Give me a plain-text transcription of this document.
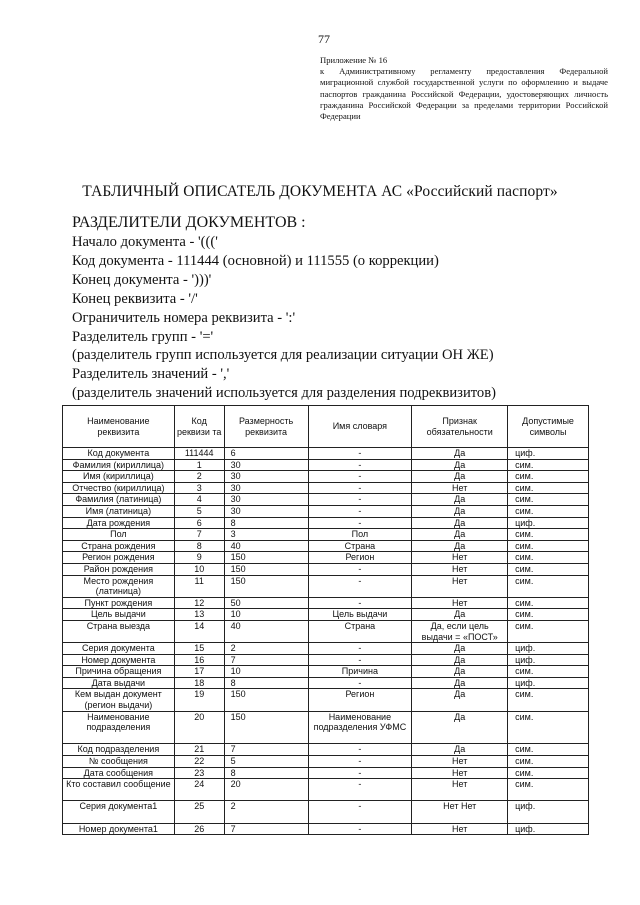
77
Приложение № 16
к Административному регламенту предоставления Федеральной миграционной службой государственной услуги по оформлению и выдаче паспортов гражданина Российской Федерации, удостоверяющих личность гражданина Российской Федерации за пределами территории Российской Федерации
ТАБЛИЧНЫЙ ОПИСАТЕЛЬ ДОКУМЕНТА АС «Российский паспорт»
РАЗДЕЛИТЕЛИ ДОКУМЕНТОВ :
Начало документа - '((('
Код документа - 111444 (основной) и 111555 (о коррекции)
Конец документа - ')))'
Конец реквизита - '/'
Ограничитель номера реквизита - ':'
Разделитель групп - '='
(разделитель групп используется для реализации ситуации ОН ЖЕ)
Разделитель значений - ','
(разделитель значений используется для разделения подреквизитов)
Наименование реквизита	Код реквизи та	Размерность реквизита	Имя словаря	Признак обязательности	Допустимые символы
Код документа	111444	6	-	Да	циф.
Фамилия (кириллица)	1	30	-	Да	сим.
Имя (кириллица)	2	30	-	Да	сим.
Отчество (кириллица)	3	30	-	Нет	сим.
Фамилия (латиница)	4	30	-	Да	сим.
Имя (латиница)	5	30	-	Да	сим.
Дата рождения	6	8	-	Да	циф.
Пол	7	3	Пол	Да	сим.
Страна рождения	8	40	Страна	Да	сим.
Регион рождения	9	150	Регион	Нет	сим.
Район рождения	10	150	-	Нет	сим.
Место рождения (латиница)	11	150	-	Нет	сим.
Пункт рождения	12	50	-	Нет	сим.
Цель выдачи	13	10	Цель выдачи	Да	сим.
Страна выезда	14	40	Страна	Да, если цель выдачи = «ПОСТ»	сим.
Серия документа	15	2	-	Да	циф.
Номер документа	16	7	-	Да	циф.
Причина обращения	17	10	Причина	Да	сим.
Дата выдачи	18	8	-	Да	циф.
Кем выдан документ (регион выдачи)	19	150	Регион	Да	сим.
Наименование подразделения	20	150	Наименование подразделения УФМС	Да	сим.
Код подразделения	21	7	-	Да	сим.
№ сообщения	22	5	-	Нет	сим.
Дата сообщения	23	8	-	Нет	сим.
Кто составил сообщение	24	20	-	Нет	сим.
Серия документа1	25	2	-	Нет Нет	циф.
Номер документа1	26	7	-	Нет	циф.
